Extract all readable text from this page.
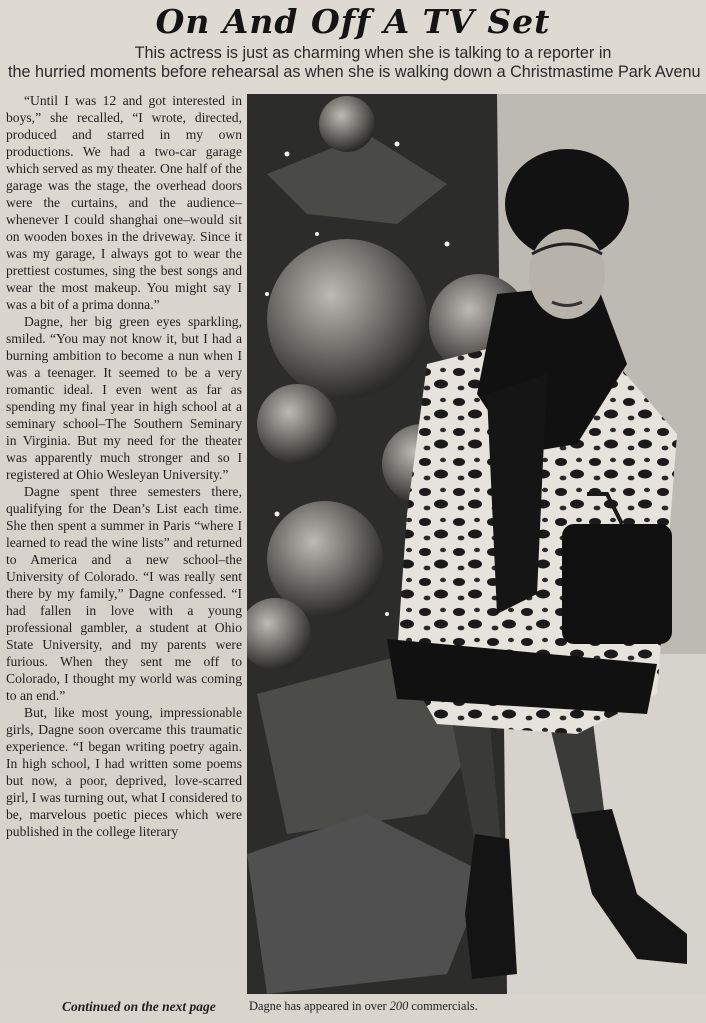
On And Off A TV Set
This actress is just as charming when she is talking to a reporter in
the hurried moments before rehearsal as when she is walking down a Christmastime Park Avenu

“Until I was 12 and got interested in boys,” she recalled, “I wrote, directed, produced and starred in my own productions. We had a two-car garage which served as my theater. One half of the garage was the stage, the overhead doors were the curtains, and the audience–whenever I could shanghai one–would sit on wooden boxes in the driveway. Since it was my garage, I always got to wear the prettiest costumes, sing the best songs and wear the most makeup. You might say I was a bit of a prima donna.”

Dagne, her big green eyes sparkling, smiled. “You may not know it, but I had a burning ambition to become a nun when I was a teenager. It seemed to be a very romantic ideal. I even went as far as spending my final year in high school at a seminary school–The Southern Seminary in Virginia. But my need for the theater was apparently much stronger and so I registered at Ohio Wesleyan University.”

Dagne spent three semesters there, qualifying for the Dean’s List each time. She then spent a summer in Paris “where I learned to read the wine lists” and returned to America and a new school–the University of Colorado. “I was really sent there by my family,” Dagne confessed. “I had fallen in love with a young professional gambler, a student at Ohio State University, and my parents were furious. When they sent me off to Colorado, I thought my world was coming to an end.”

But, like most young, impressionable girls, Dagne soon overcame this traumatic experience. “I began writing poetry again. In high school, I had written some poems but now, a poor, deprived, love-scarred girl, I was turning out, what I considered to be, marvelous poetic pieces which were published in the college literary

Continued on the next page	Dagne has appeared in over 200 commercials.
